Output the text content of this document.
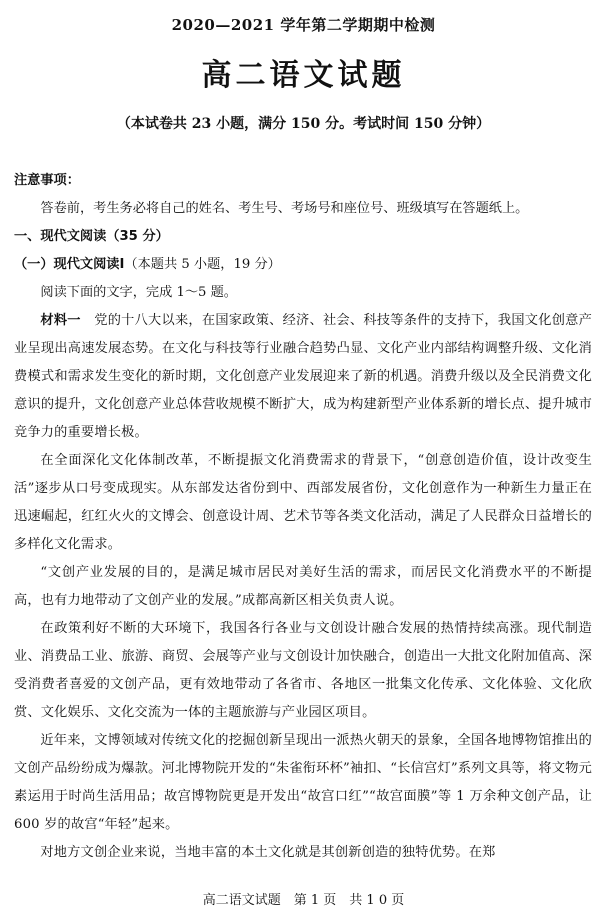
2020—2021 学年第二学期期中检测
高二语文试题
（本试卷共 23 小题，满分 150 分。考试时间 150 分钟）
注意事项：
答卷前，考生务必将自己的姓名、考生号、考场号和座位号、班级填写在答题纸上。
一、现代文阅读（35 分）
（一）现代文阅读Ⅰ（本题共 5 小题，19 分）
阅读下面的文字，完成 1～5 题。

材料一　 党的十八大以来，在国家政策、经济、社会、科技等条件的支持下，我国文化创意产业呈现出高速发展态势。在文化与科技等行业融合趋势凸显、文化产业内部结构调整升级、文化消费模式和需求发生变化的新时期，文化创意产业发展迎来了新的机遇。消费升级以及全民消费文化意识的提升，文化创意产业总体营收规模不断扩大，成为构建新型产业体系新的增长点、提升城市竞争力的重要增长极。

在全面深化文化体制改革，不断提振文化消费需求的背景下，“创意创造价值，设计改变生活”逐步从口号变成现实。从东部发达省份到中、西部发展省份，文化创意作为一种新生力量正在迅速崛起，红红火火的文博会、创意设计周、艺术节等各类文化活动，满足了人民群众日益增长的多样化文化需求。

“文创产业发展的目的，是满足城市居民对美好生活的需求，而居民文化消费水平的不断提高，也有力地带动了文创产业的发展。”成都高新区相关负责人说。

在政策利好不断的大环境下，我国各行各业与文创设计融合发展的热情持续高涨。现代制造业、消费品工业、旅游、商贸、会展等产业与文创设计加快融合，创造出一大批文化附加值高、深受消费者喜爱的文创产品，更有效地带动了各省市、各地区一批集文化传承、文化体验、文化欣赏、文化娱乐、文化交流为一体的主题旅游与产业园区项目。

近年来，文博领域对传统文化的挖掘创新呈现出一派热火朝天的景象，全国各地博物馆推出的文创产品纷纷成为爆款。河北博物院开发的“朱雀衔环杯”袖扣、“长信宫灯”系列文具等，将文物元素运用于时尚生活用品；故宫博物院更是开发出“故宫口红”“故宫面膜”等 1 万余种文创产品，让 600 岁的故宫“年轻”起来。

对地方文创企业来说，当地丰富的本土文化就是其创新创造的独特优势。在郑

高二语文试题　第 1 页　共 1 0 页
